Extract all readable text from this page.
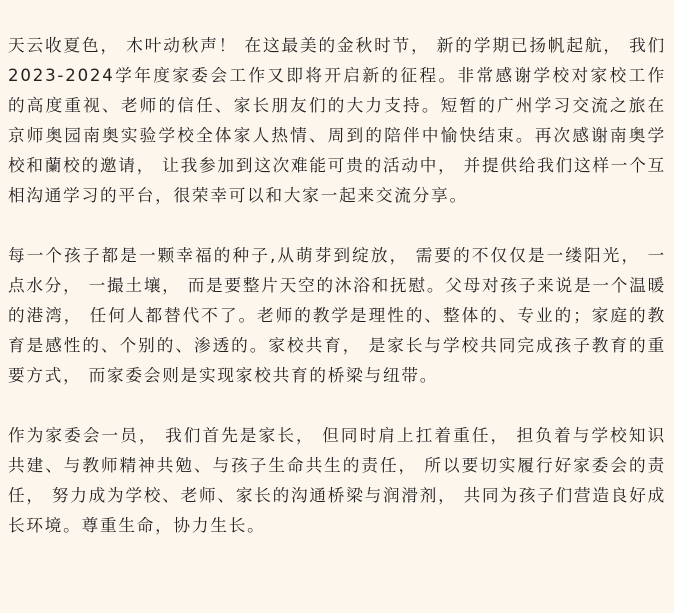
天云收夏色， 木叶动秋声！ 在这最美的金秋时节， 新的学期已扬帆起航， 我们2023-2024学年度家委会工作又即将开启新的征程。非常感谢学校对家校工作的高度重视、老师的信任、家长朋友们的大力支持。短暂的广州学习交流之旅在京师奥园南奥实验学校全体家人热情、周到的陪伴中愉快结束。再次感谢南奥学校和蘭校的邀请， 让我参加到这次难能可贵的活动中， 并提供给我们这样一个互相沟通学习的平台，很荣幸可以和大家一起来交流分享。

每一个孩子都是一颗幸福的种子,从萌芽到绽放， 需要的不仅仅是一缕阳光， 一点水分， 一撮土壤， 而是要整片天空的沐浴和抚慰。父母对孩子来说是一个温暖的港湾， 任何人都替代不了。老师的教学是理性的、整体的、专业的；家庭的教育是感性的、个别的、渗透的。家校共育， 是家长与学校共同完成孩子教育的重要方式， 而家委会则是实现家校共育的桥梁与纽带。

作为家委会一员， 我们首先是家长， 但同时肩上扛着重任， 担负着与学校知识共建、与教师精神共勉、与孩子生命共生的责任， 所以要切实履行好家委会的责任， 努力成为学校、老师、家长的沟通桥梁与润滑剂， 共同为孩子们营造良好成长环境。尊重生命，协力生长。
